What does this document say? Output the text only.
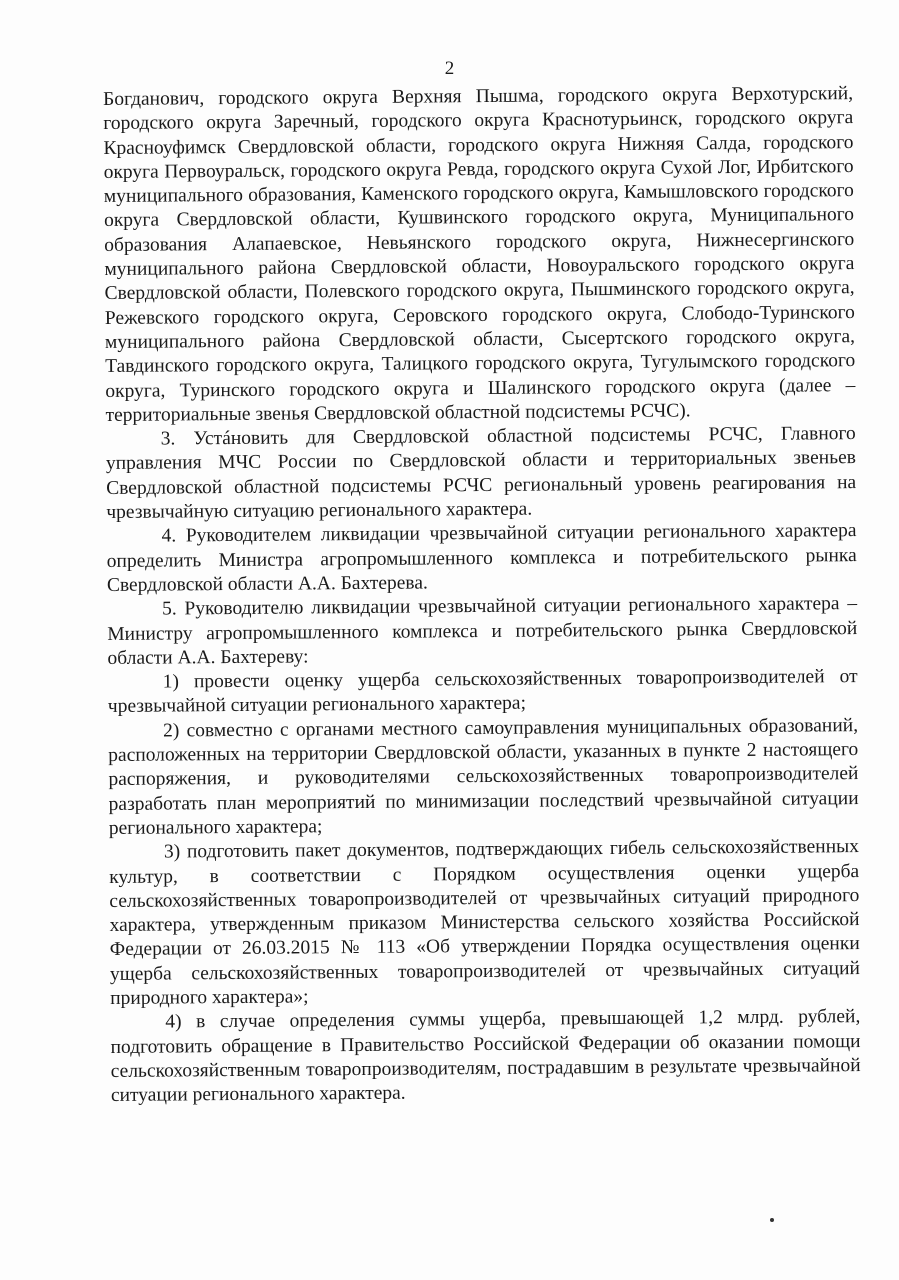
2

Богданович, городского округа Верхняя Пышма, городского округа Верхотурский, городского округа Заречный, городского округа Краснотурьинск, городского округа Красноуфимск Свердловской области, городского округа Нижняя Салда, городского округа Первоуральск, городского округа Ревда, городского округа Сухой Лог, Ирбитского муниципального образования, Каменского городского округа, Камышловского городского округа Свердловской области, Кушвинского городского округа, Муниципального образования Алапаевское, Невьянского городского округа, Нижнесергинского муниципального района Свердловской области, Новоуральского городского округа Свердловской области, Полевского городского округа, Пышминского городского округа, Режевского городского округа, Серовского городского округа, Слободо-Туринского муниципального района Свердловской области, Сысертского городского округа, Тавдинского городского округа, Талицкого городского округа, Тугулымского городского округа, Туринского городского округа и Шалинского городского округа (далее – территориальные звенья Свердловской областной подсистемы РСЧС).

3. Устáновить для Свердловской областной подсистемы РСЧС, Главного управления МЧС России по Свердловской области и территориальных звеньев Свердловской областной подсистемы РСЧС региональный уровень реагирования на чрезвычайную ситуацию регионального характера.

4. Руководителем ликвидации чрезвычайной ситуации регионального характера определить Министра агропромышленного комплекса и потребительского рынка Свердловской области А.А. Бахтерева.

5. Руководителю ликвидации чрезвычайной ситуации регионального характера – Министру агропромышленного комплекса и потребительского рынка Свердловской области А.А. Бахтереву:

1) провести оценку ущерба сельскохозяйственных товаропроизводителей от чрезвычайной ситуации регионального характера;

2) совместно с органами местного самоуправления муниципальных образований, расположенных на территории Свердловской области, указанных в пункте 2 настоящего распоряжения, и руководителями сельскохозяйственных товаропроизводителей разработать план мероприятий по минимизации последствий чрезвычайной ситуации регионального характера;

3) подготовить пакет документов, подтверждающих гибель сельскохозяйственных культур, в соответствии с Порядком осуществления оценки ущерба сельскохозяйственных товаропроизводителей от чрезвычайных ситуаций природного характера, утвержденным приказом Министерства сельского хозяйства Российской Федерации от 26.03.2015 № 113 «Об утверждении Порядка осуществления оценки ущерба сельскохозяйственных товаропроизводителей от чрезвычайных ситуаций природного характера»;

4) в случае определения суммы ущерба, превышающей 1,2 млрд. рублей, подготовить обращение в Правительство Российской Федерации об оказании помощи сельскохозяйственным товаропроизводителям, пострадавшим в результате чрезвычайной ситуации регионального характера.
